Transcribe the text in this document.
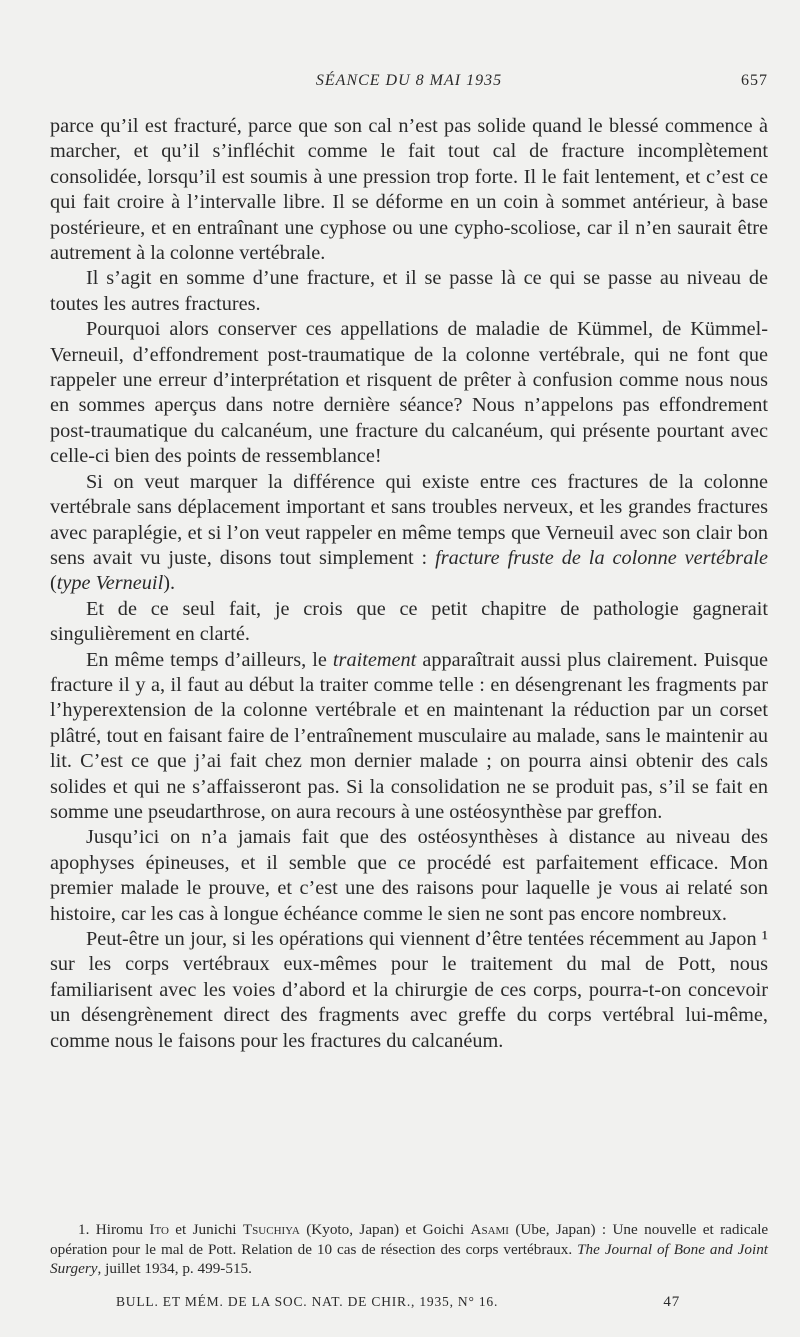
SÉANCE DU 8 MAI 1935	657

parce qu’il est fracturé, parce que son cal n’est pas solide quand le blessé commence à marcher, et qu’il s’infléchit comme le fait tout cal de fracture incomplètement consolidée, lorsqu’il est soumis à une pression trop forte. Il le fait lentement, et c’est ce qui fait croire à l’intervalle libre. Il se déforme en un coin à sommet antérieur, à base postérieure, et en entraînant une cyphose ou une cypho-scoliose, car il n’en saurait être autrement à la colonne vertébrale.

Il s’agit en somme d’une fracture, et il se passe là ce qui se passe au niveau de toutes les autres fractures.

Pourquoi alors conserver ces appellations de maladie de Kümmel, de Kümmel-Verneuil, d’effondrement post-traumatique de la colonne vertébrale, qui ne font que rappeler une erreur d’interprétation et risquent de prêter à confusion comme nous nous en sommes aperçus dans notre dernière séance? Nous n’appelons pas effondrement post-traumatique du calcanéum, une fracture du calcanéum, qui présente pourtant avec celle-ci bien des points de ressemblance!

Si on veut marquer la différence qui existe entre ces fractures de la colonne vertébrale sans déplacement important et sans troubles nerveux, et les grandes fractures avec paraplégie, et si l’on veut rappeler en même temps que Verneuil avec son clair bon sens avait vu juste, disons tout simplement : fracture fruste de la colonne vertébrale (type Verneuil).

Et de ce seul fait, je crois que ce petit chapitre de pathologie gagnerait singulièrement en clarté.

En même temps d’ailleurs, le traitement apparaîtrait aussi plus clairement. Puisque fracture il y a, il faut au début la traiter comme telle : en désengrenant les fragments par l’hyperextension de la colonne vertébrale et en maintenant la réduction par un corset plâtré, tout en faisant faire de l’entraînement musculaire au malade, sans le maintenir au lit. C’est ce que j’ai fait chez mon dernier malade ; on pourra ainsi obtenir des cals solides et qui ne s’affaisseront pas. Si la consolidation ne se produit pas, s’il se fait en somme une pseudarthrose, on aura recours à une ostéosynthèse par greffon.

Jusqu’ici on n’a jamais fait que des ostéosynthèses à distance au niveau des apophyses épineuses, et il semble que ce procédé est parfaitement efficace. Mon premier malade le prouve, et c’est une des raisons pour laquelle je vous ai relaté son histoire, car les cas à longue échéance comme le sien ne sont pas encore nombreux.

Peut-être un jour, si les opérations qui viennent d’être tentées récemment au Japon ¹ sur les corps vertébraux eux-mêmes pour le traitement du mal de Pott, nous familiarisent avec les voies d’abord et la chirurgie de ces corps, pourra-t-on concevoir un désengrènement direct des fragments avec greffe du corps vertébral lui-même, comme nous le faisons pour les fractures du calcanéum.

1. Hiromu Ito et Junichi Tsuchiya (Kyoto, Japan) et Goichi Asami (Ube, Japan) : Une nouvelle et radicale opération pour le mal de Pott. Relation de 10 cas de résection des corps vertébraux. The Journal of Bone and Joint Surgery, juillet 1934, p. 499-515.

BULL. ET MÉM. DE LA SOC. NAT. DE CHIR., 1935, N° 16.	47
